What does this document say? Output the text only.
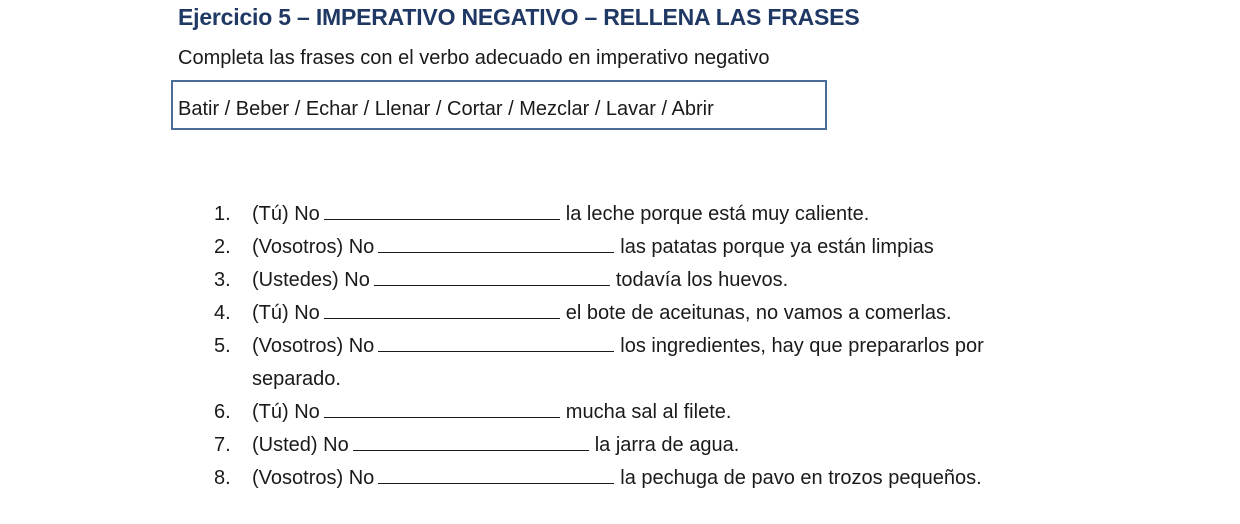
Ejercicio 5 – IMPERATIVO NEGATIVO – RELLENA LAS FRASES
Completa las frases con el verbo adecuado en imperativo negativo
Batir / Beber / Echar / Llenar / Cortar / Mezclar / Lavar / Abrir
1.	(Tú) No	la leche porque está muy caliente.
2.	(Vosotros) No	las patatas porque ya están limpias
3.	(Ustedes) No	todavía los huevos.
4.	(Tú) No	el bote de aceitunas, no vamos a comerlas.
5.	(Vosotros) No	los ingredientes, hay que prepararlos por
separado.
6.	(Tú) No	mucha sal al filete.
7.	(Usted) No	la jarra de agua.
8.	(Vosotros) No	la pechuga de pavo en trozos pequeños.
